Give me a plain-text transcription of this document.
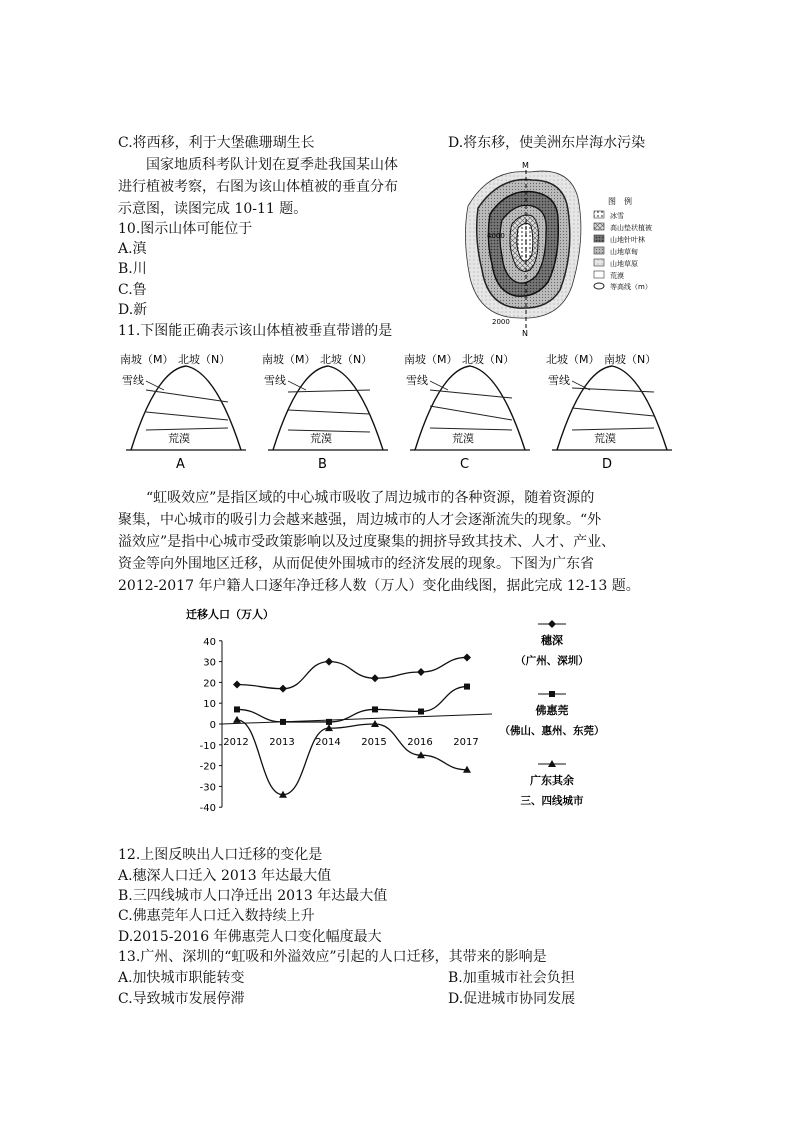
C.将西移，利于大堡礁珊瑚生长	D.将东移，使美洲东岸海水污染
国家地质科考队计划在夏季赴我国某山体
进行植被考察，右图为该山体植被的垂直分布
示意图，读图完成 10-11 题。
10.图示山体可能位于
A.滇
B.川
C.鲁
D.新
11.下图能正确表示该山体植被垂直带谱的是
M
N
4000
2000
图　例
冰雪
高山垫状植被
山地针叶林
山地草甸
山地草原
荒漠
等高线（m）
南坡（M） 北坡（N）
雪线
荒漠
A
南坡（M） 北坡（N）
雪线
荒漠
B
南坡（M） 北坡（N）
雪线
荒漠
C
北坡（M） 南坡（N）
雪线
荒漠
D
“虹吸效应”是指区域的中心城市吸收了周边城市的各种资源，随着资源的
聚集，中心城市的吸引力会越来越强，周边城市的人才会逐渐流失的现象。“外
溢效应”是指中心城市受政策影响以及过度聚集的拥挤导致其技术、人才、产业、
资金等向外围地区迁移，从而促使外围城市的经济发展的现象。下图为广东省
2012-2017 年户籍人口逐年净迁移人数（万人）变化曲线图，据此完成 12-13 题。
迁移人口（万人）
40
30
20
10
0
-10
-20
-30
-40
2012 2013 2014 2015 2016 2017
穗深
（广州、深圳）
佛惠莞
（佛山、惠州、东莞）
广东其余
三、四线城市
12.上图反映出人口迁移的变化是
A.穗深人口迁入 2013 年达最大值
B.三四线城市人口净迁出 2013 年达最大值
C.佛惠莞年人口迁入数持续上升
D.2015-2016 年佛惠莞人口变化幅度最大
13.广州、深圳的“虹吸和外溢效应”引起的人口迁移，其带来的影响是
A.加快城市职能转变	B.加重城市社会负担
C.导致城市发展停滞	D.促进城市协同发展
